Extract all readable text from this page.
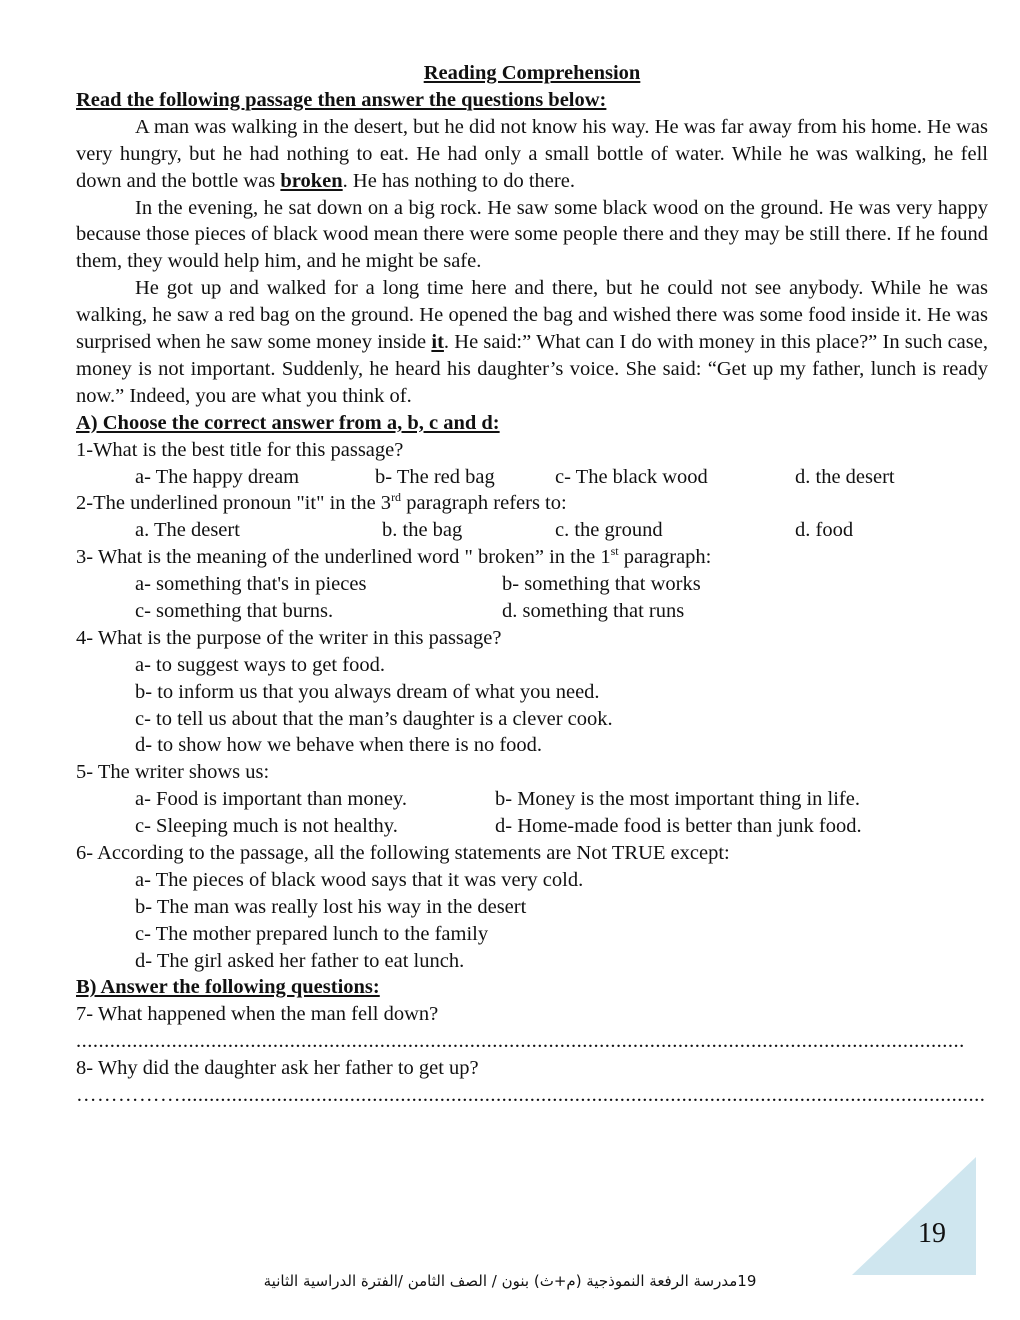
Reading Comprehension
Read the following passage then answer the questions below:
A man was walking in the desert, but he did not know his way. He was far away from his home. He was very hungry, but he had nothing to eat. He had only a small bottle of water. While he was walking, he fell down and the bottle was broken. He has nothing to do there.
In the evening, he sat down on a big rock. He saw some black wood on the ground. He was very happy because those pieces of black wood mean there were some people there and they may be still there. If he found them, they would help him, and he might be safe.
He got up and walked for a long time here and there, but he could not see anybody. While he was walking, he saw a red bag on the ground. He opened the bag and wished there was some food inside it. He was surprised when he saw some money inside it. He said:” What can I do with money in this place?” In such case, money is not important. Suddenly, he heard his daughter’s voice. She said: “Get up my father, lunch is ready now.” Indeed, you are what you think of.
A) Choose the correct answer from a, b, c and d:
1-What is the best title for this passage?
a- The happy dream	b- The red bag	c- The black wood	d. the desert
2-The underlined pronoun "it" in the 3rd paragraph refers to:
a. The desert	b. the bag	c. the ground	d. food
3- What is the meaning of the underlined word " broken” in the 1st paragraph:
a- something that's in pieces	b- something that works
c- something that burns.	d. something that runs
4- What is the purpose of the writer in this passage?
a- to suggest ways to get food.
b- to inform us that you always dream of what you need.
c- to tell us about that the man’s daughter is a clever cook.
d- to show how we behave when there is no food.
5- The writer shows us:
a- Food is important than money.	b- Money is the most important thing in life.
c- Sleeping much is not healthy.	d- Home-made food is better than junk food.
6- According to the passage, all the following statements are Not TRUE except:
a- The pieces of black wood says that it was very cold.
b- The man was really lost his way in the desert
c- The mother prepared lunch to the family
d- The girl asked her father to eat lunch.
B) Answer the following questions:
7- What happened when the man fell down?
..............................................................................................................................................................
8- Why did the daughter ask her father to get up?
……………...............................................................................................................................................
19
19مدرسة الرفعة النموذجية (م+ث) بنون / الصف الثامن /الفترة الدراسية الثانية
